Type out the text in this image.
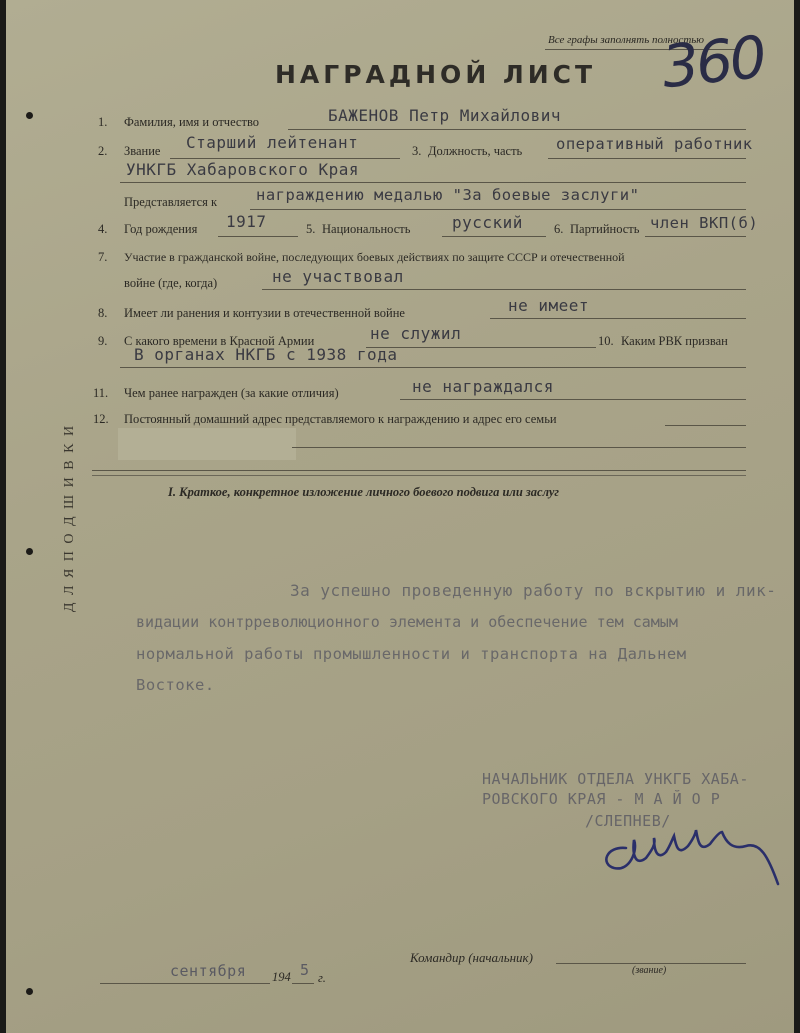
Д Л Я П О Д Ш И В К И
Все графы заполнять полностью
360
НАГРАДНОЙ ЛИСТ
1. Фамилия, имя и отчество	БАЖЕНОВ Петр Михайлович
2. Звание Старший лейтенант	3. Должность, часть оперативный работник
УНКГБ Хабаровского Края
Представляется к	награждению медалью "За боевые заслуги"
4. Год рождения 1917	5. Национальность	русский 6. Партийность член ВКП(б)
7. Участие в гражданской войне, последующих боевых действиях по защите СССР и отечественной
войне (где, когда)	не участвовал
8. Имеет ли ранения и контузии в отечественной войне	не имеет
9. С какого времени в Красной Армии	не служил	10. Каким РВК призван
В органах НКГБ с 1938 года
11. Чем ранее награжден (за какие отличия)	не награждался
12. Постоянный домашний адрес представляемого к награждению и адрес его семьи
I. Краткое, конкретное изложение личного боевого подвига или заслуг
За успешно проведенную работу по вскрытию и лик-
видации контрреволюционного элемента и обеспечение тем самым
нормальной работы промышленности и транспорта на Дальнем
Востоке.
НАЧАЛЬНИК ОТДЕЛА УНКГБ ХАБА-
РОВСКОГО КРАЯ - М А Й О Р
/СЛЕПНЕВ/
Командир (начальник)
(звание)
сентября 194 5 г.
